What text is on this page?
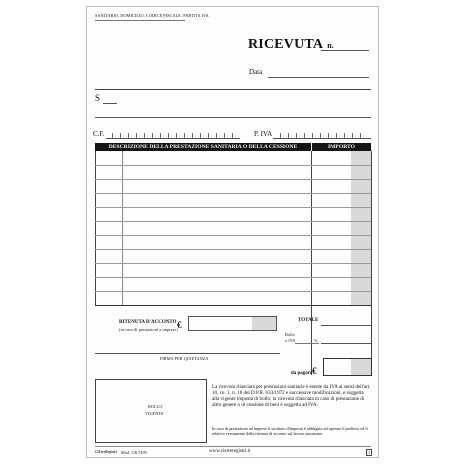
SANITARIO, DOMICILIO, CODICE FISCALE, PARTITA IVA
RICEVUTA n.
Data
S
C.F.	P. IVA
DESCRIZIONE DELLA PRESTAZIONE SANITARIA O DELLA CESSIONE	IMPORTO
RITENUTA D'ACCONTO
(in caso di prestazioni a imprese) €	TOTALE
Bollo
o IVA	%
FIRMA PER QUIETANZA
da pagare €
BOLLO
VIGENTE
La ricevuta rilasciata per prestazioni sanitarie è esente da IVA ai sensi dell'art. 10, co. 1, n. 18 del D.P.R. 633/1972 e successive modificazioni, e soggetta alla vigente imposta di bollo; la ricevuta rilasciata in caso di prestazione di altro genere o di cessione di beni è soggetta ad IVA.
In caso di prestazioni ad imprese il sostituto d'imposta è obbligato ad operare il prelievo ed il relativo versamento della ritenuta di acconto sul lavoro autonomo.
CiErreRegistri Mod. CR 3NN	www.cierreregistri.it	1
